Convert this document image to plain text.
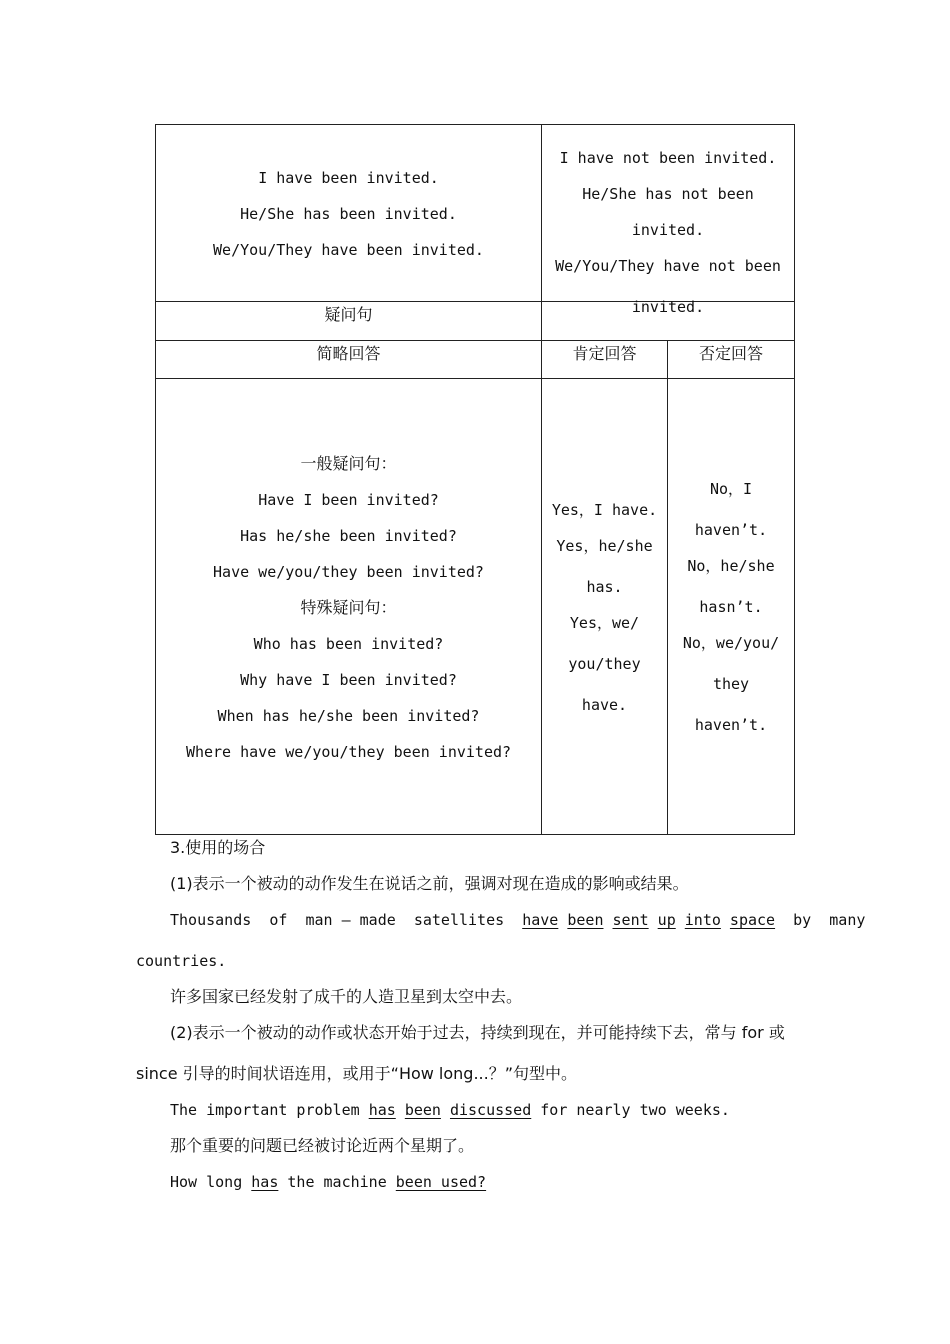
I have been invited.
He/She has been invited.
We/You/They have been invited.
I have not been invited.
He/She has not been invited.
We/You/They have not been
invited.
疑问句
简略回答	肯定回答	否定回答
一般疑问句：
Have I been invited?
Has he/she been invited?
Have we/you/they been invited?
特殊疑问句：
Who has been invited?
Why have I been invited?
When has he/she been invited?
Where have we/you/they been invited?
Yes，I have.
Yes，he/she
has.
Yes，we/
you/they
have.
No，I
haven’t.
No，he/she
hasn’t.
No，we/you/
they
haven’t.
3.使用的场合
(1)表示一个被动的动作发生在说话之前，强调对现在造成的影响或结果。
Thousands  of  man — made  satellites  have been sent up into space  by  many
countries.
许多国家已经发射了成千的人造卫星到太空中去。
(2)表示一个被动的动作或状态开始于过去，持续到现在，并可能持续下去，常与 for 或
since 引导的时间状语连用，或用于“How long...？”句型中。
The important problem has been discussed for nearly two weeks.
那个重要的问题已经被讨论近两个星期了。
How long has the machine been used?
